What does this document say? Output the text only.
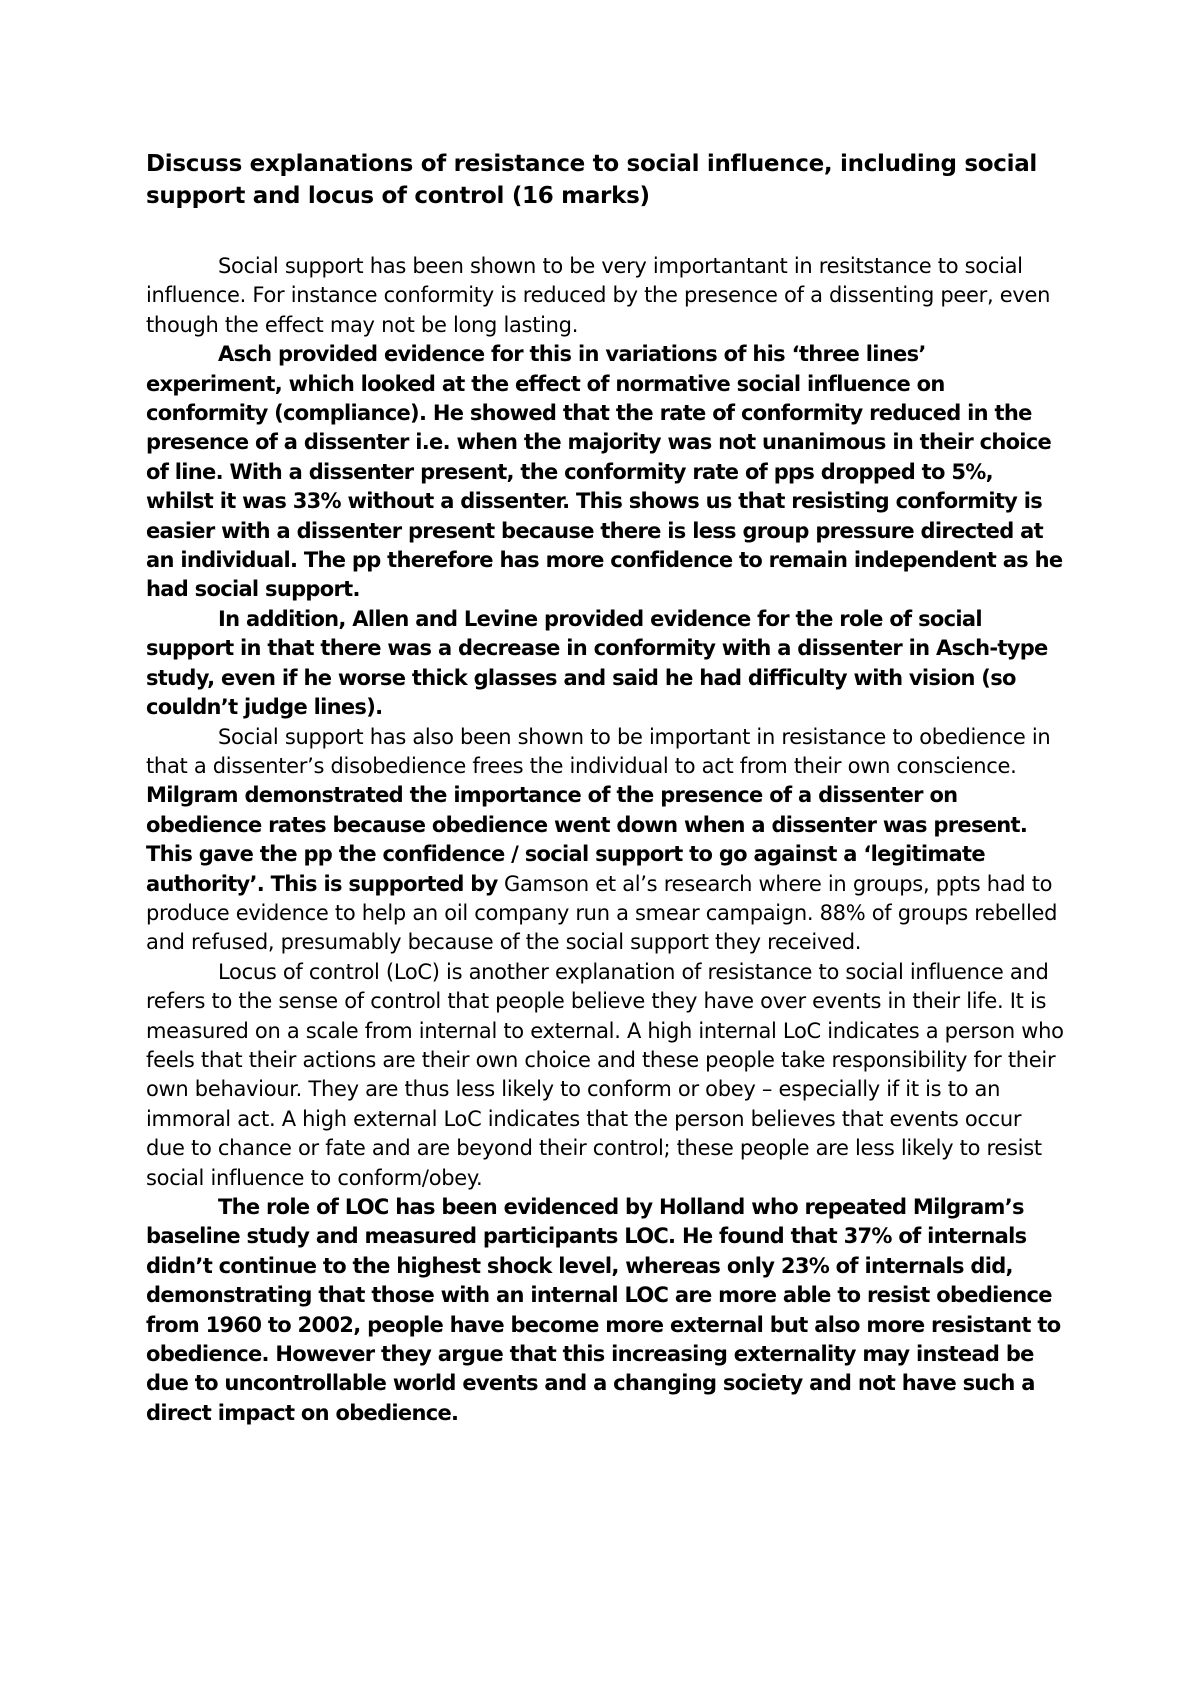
Discuss explanations of resistance to social influence, including social support and locus of control (16 marks)

Social support has been shown to be very importantant in resitstance to social influence. For instance conformity is reduced by the presence of a dissenting peer, even though the effect may not be long lasting.

Asch provided evidence for this in variations of his ‘three lines’ experiment, which looked at the effect of normative social influence on conformity (compliance). He showed that the rate of conformity reduced in the presence of a dissenter i.e. when the majority was not unanimous in their choice of line. With a dissenter present, the conformity rate of pps dropped to 5%, whilst it was 33% without a dissenter. This shows us that resisting conformity is easier with a dissenter present because there is less group pressure directed at an individual. The pp therefore has more confidence to remain independent as he had social support.

In addition, Allen and Levine provided evidence for the role of social support in that there was a decrease in conformity with a dissenter in Asch-type study, even if he worse thick glasses and said he had difficulty with vision (so couldn’t judge lines).

Social support has also been shown to be important in resistance to obedience in that a dissenter’s disobedience frees the individual to act from their own conscience. Milgram demonstrated the importance of the presence of a dissenter on obedience rates because obedience went down when a dissenter was present. This gave the pp the confidence / social support to go against a ‘legitimate authority’. This is supported by Gamson et al’s research where in groups, ppts had to produce evidence to help an oil company run a smear campaign. 88% of groups rebelled and refused, presumably because of the social support they received.

Locus of control (LoC) is another explanation of resistance to social influence and refers to the sense of control that people believe they have over events in their life. It is measured on a scale from internal to external. A high internal LoC indicates a person who feels that their actions are their own choice and these people take responsibility for their own behaviour. They are thus less likely to conform or obey – especially if it is to an immoral act. A high external LoC indicates that the person believes that events occur due to chance or fate and are beyond their control; these people are less likely to resist social influence to conform/obey.

The role of LOC has been evidenced by Holland who repeated Milgram’s baseline study and measured participants LOC. He found that 37% of internals didn’t continue to the highest shock level, whereas only 23% of internals did, demonstrating that those with an internal LOC are more able to resist obedience from 1960 to 2002, people have become more external but also more resistant to obedience. However they argue that this increasing externality may instead be due to uncontrollable world events and a changing society and not have such a direct impact on obedience.
